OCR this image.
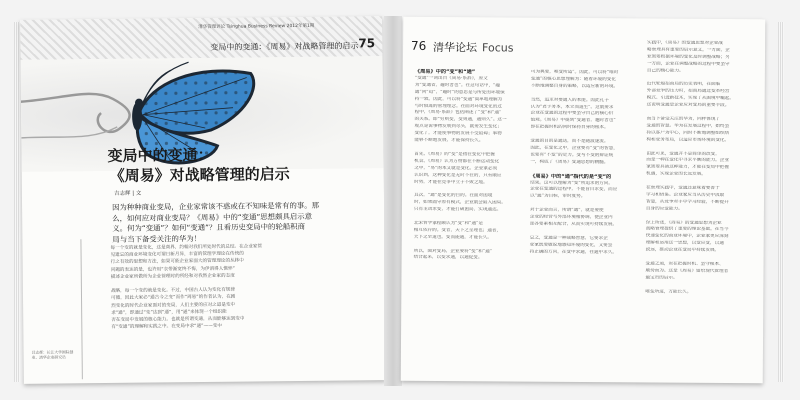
清华管理评论 Tsinghua Business Review 2012年第1期
变局中的变通：《周易》对战略管理的启示 75
变局中的变通：
《周易》对战略管理的启示
吉志辉 | 文
因为种种商业变局，企业家常该不惑或在不知味是常有的事。那
么，如何应对商业变局？《周易》中的“变通”思想颇具启示意
义。何为“变通”？如何“变通”？且看历史变局中的轮船积商
局与当下备受关注的华为！
每一个变的就是变化，这是商界，约翰对我们所处时代的总结。在企业家管
见遗忘的商业环境变化可谓日新月异，丰富的管理学理论在传统的
行之有效的思想和方法，如果可能企业家面大的管理理论的丛林中
问题的表达的是，也许用“衣带渐宽终不悔，为伊消得人憔悴”
描述企业家所做所为企业管理时的所经和对我然企业家的态度

战略，每一个变的就是变化。不过，中国古人认为变化有规律
可循，因此大家必“通古今之变”而作“周易”的作者认为，在剧
烈变化的时代企业家面对的变局，人们主要的应对之道是变中
求“通”，即通过“变”达到“通”，用“通”来体现一个组织能
否在变局中发展的核心能力。也就是所谓变通，从而能够达到变中
有“变通”的理解和实践之中。在变局中求“通”——变中
吕志辉：长江大学国际创业、清华企业研究员
76 清华论坛 Focus
《周易》中的“变”和“通”
“变通”一词出自《周易·系辞》，原文
为“变通者，趣时者也”。在这句话中，“趣
通”同“趋”，“趣时”的意思是与所处的环境保
持一致。因此，可以将“变通”简单地理解为
与时俱进的管理理念。在面对环境变化的过
程中，《周易·系辞》包括阐述了“变”和“通”
的关系。即“穷则变，变则通，通则久”。这一
观点是说事物发展到尽头，就要发生变化；
变化了，才能使事物的发展不受阻碍；事物
能够不断地发展，才能保持长久。

首先，《周易》的“变”是指在变化中把握
机会。《周易》认为万物都在不断运动变化
之中，“易”的本义就是变化。企业家必须
认识到，这种变化是无时不在的，只有顺应
时势，才能在竞争中立于不败之地。

其次，“通”是变化的目的。在面对困境
时，如果固守原有模式，企业就会陷入困局。
只有主动求变，才能打破困局、实现通达。

北宋哲学家程颐认为“变”和“通”是
相互依存的。变者，天下之至理也；通者，
天下之至道也。变而能通，才能长久。

所以，面对变局，企业要将“变”和“通”
结合起来，以变求通，以通促变。
可为典要，唯变所适”。因此，可以将“唯时
变通”的核心思想理解为：随着环境的变化
不断地调整自身的策略，以适应新的环境。

当然，追求对要通人的本能。因此孔子
认为“君子务本，本立而道生”。这就要求
企业在变通的过程中要坚守自己的核心价
值观。《周易》中提到“变通者，趣时者也”
即在把握时机的同时保持自身的根本。

变通的目的是通达，而不是随波逐流。
因此，在变化之中，企业要有“变”的智慧，
也要有“不变”的定力。变与不变的辩证统
一，构成了《周易》变通思想的精髓。

《周易》中的“通”指代的是“变”的
结果。这可以理解为“变”所追求的方向。
企业在变通的过程中，不能盲目求变，而应
以“通”为目标，审时度势。

对于企业而言，所谓“通”，就是要使
企业的经营与外部环境相协调，使企业内
部各要素相互配合，从而实现可持续发展。

总之，变通是一种战略智慧，它要求企
业家既要敏锐地感知环境的变化，又要坚
持正确的方向，在变中求通，在通中求久。
实践中，《周易》的变通思想对企业战
略管理具有重要的启示意义。一方面，企
业需要根据环境的变化及时调整战略；另
一方面，企业在调整战略的过程中要坚守
自己的核心能力。

近代轮船招商局的历史表明，在面临
外部竞争的压力时，招商局通过变革经营
模式、引进新技术，实现了从困境中崛起。
这说明变通是企业应对变局的重要手段。

而当下备受关注的华为，同样体现了
变通的智慧。华为在发展过程中，始终坚
持以客户为中心，同时不断地调整组织结
构和业务布局，以适应市场环境的变化。

由此可见，变通并不是简单的改变，
而是一种在变化中寻求平衡的能力。企业
家需要具备这种能力，才能在变局中把握
机遇，实现企业的长远发展。

在管理实践中，变通还意味着要善于
学习和借鉴。企业家应当从历史中汲取
智慧，从竞争对手中学习经验，不断提升
自身的应变能力。

综上所述，《周易》的变通思想为企业
战略管理提供了重要的理论基础。在当今
快速变化的商业环境中，企业家更应深刻
理解和运用这一思想，以变应变，以通
致远，推动企业在变局中持续发展。

变通之道，贵在把握时机、坚守根本、
顺势而为。这是《周易》留给现代管理者
最宝贵的启示。

唯变所适，方能长久。
